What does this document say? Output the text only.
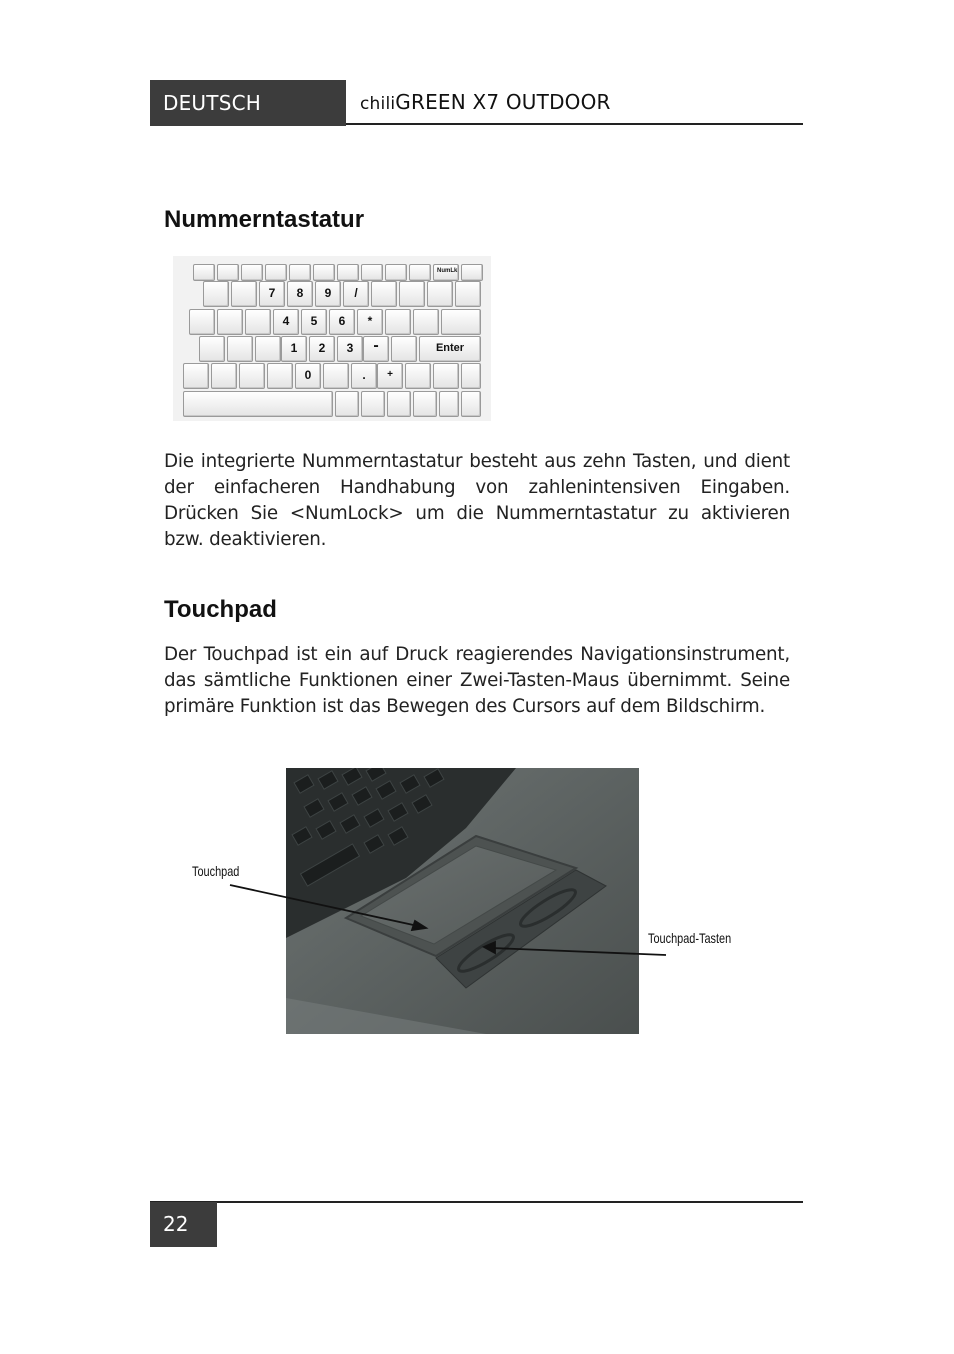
DEUTSCH	chiliGREEN X7 OUTDOOR
Nummerntastatur
NumLk
7	8	9	/
4	5	6	*
1	2	3	-	Enter
0	.	+

Die integrierte Nummerntastatur besteht aus zehn Tasten, und dient der einfacheren Handhabung von zahlenintensiven Eingaben. Drücken Sie <NumLock> um die Nummerntastatur zu aktivieren bzw. deaktivieren.

Touchpad

Der Touchpad ist ein auf Druck reagierendes Navigationsinstrument, das sämtliche Funktionen einer Zwei-Tasten-Maus übernimmt. Seine primäre Funktion ist das Bewegen des Cursors auf dem Bildschirm.

Touchpad
Touchpad-Tasten
22
